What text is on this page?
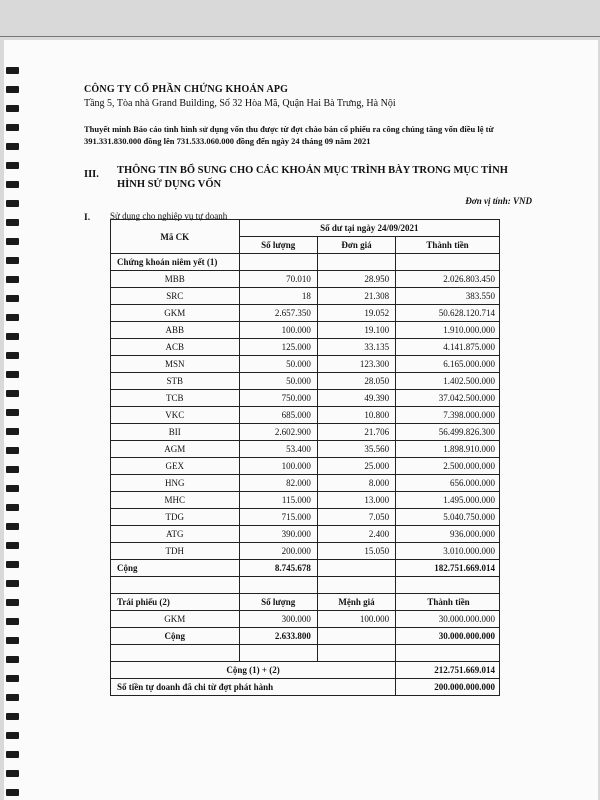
CÔNG TY CỔ PHẦN CHỨNG KHOÁN APG
Tầng 5, Tòa nhà Grand Building, Số 32 Hòa Mã, Quận Hai Bà Trưng, Hà Nội
Thuyết minh Báo cáo tình hình sử dụng vốn thu được từ đợt chào bán cổ phiếu ra công chúng tăng vốn điều lệ từ
391.331.830.000 đồng lên 731.533.060.000 đồng đến ngày 24 tháng 09 năm 2021
III. THÔNG TIN BỔ SUNG CHO CÁC KHOẢN MỤC TRÌNH BÀY TRONG MỤC TÌNH HÌNH SỬ DỤNG VỐN
Đơn vị tính: VND
I. Sử dụng cho nghiệp vụ tự doanh
Mã CK	Số dư tại ngày 24/09/2021		
	Số lượng	Đơn giá	Thành tiền
Chứng khoán niêm yết (1)			
MBB	70.010	28.950	2.026.803.450
SRC	18	21.308	383.550
GKM	2.657.350	19.052	50.628.120.714
ABB	100.000	19.100	1.910.000.000
ACB	125.000	33.135	4.141.875.000
MSN	50.000	123.300	6.165.000.000
STB	50.000	28.050	1.402.500.000
TCB	750.000	49.390	37.042.500.000
VKC	685.000	10.800	7.398.000.000
BII	2.602.900	21.706	56.499.826.300
AGM	53.400	35.560	1.898.910.000
GEX	100.000	25.000	2.500.000.000
HNG	82.000	8.000	656.000.000
MHC	115.000	13.000	1.495.000.000
TDG	715.000	7.050	5.040.750.000
ATG	390.000	2.400	936.000.000
TDH	200.000	15.050	3.010.000.000
Cộng	8.745.678		182.751.669.014

Trái phiếu (2)	Số lượng	Mệnh giá	Thành tiền
GKM	300.000	100.000	30.000.000.000
Cộng	2.633.800		30.000.000.000

Cộng (1) + (2)			212.751.669.014
Số tiền tự doanh đã chi từ đợt phát hành			200.000.000.000
